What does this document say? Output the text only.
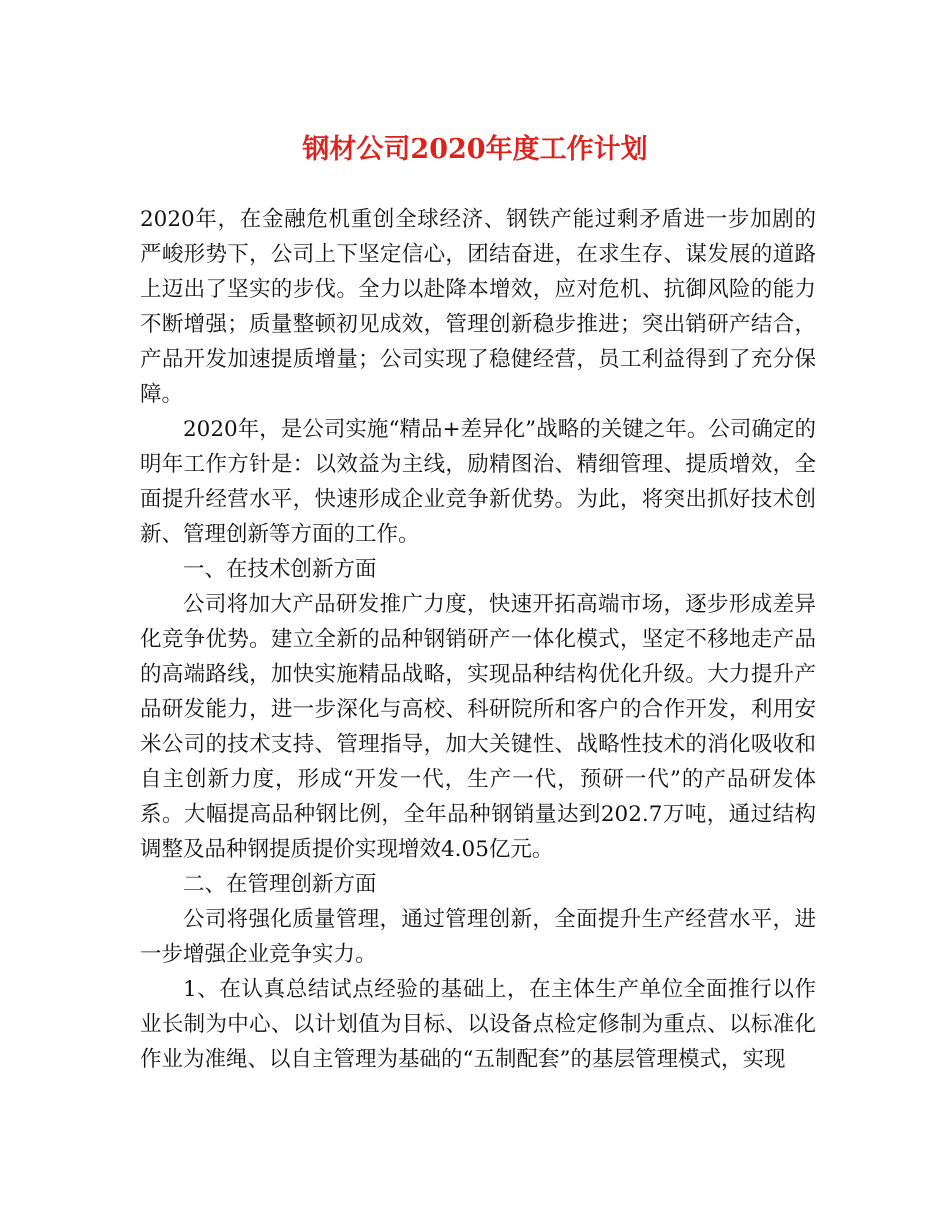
钢材公司2020年度工作计划

2020年，在金融危机重创全球经济、钢铁产能过剩矛盾进一步加剧的严峻形势下，公司上下坚定信心，团结奋进，在求生存、谋发展的道路上迈出了坚实的步伐。全力以赴降本增效，应对危机、抗御风险的能力不断增强；质量整顿初见成效，管理创新稳步推进；突出销研产结合，产品开发加速提质增量；公司实现了稳健经营，员工利益得到了充分保障。

2020年，是公司实施“精品+差异化”战略的关键之年。公司确定的明年工作方针是：以效益为主线，励精图治、精细管理、提质增效，全面提升经营水平，快速形成企业竞争新优势。为此，将突出抓好技术创新、管理创新等方面的工作。

一、在技术创新方面

公司将加大产品研发推广力度，快速开拓高端市场，逐步形成差异化竞争优势。建立全新的品种钢销研产一体化模式，坚定不移地走产品的高端路线，加快实施精品战略，实现品种结构优化升级。大力提升产品研发能力，进一步深化与高校、科研院所和客户的合作开发，利用安米公司的技术支持、管理指导，加大关键性、战略性技术的消化吸收和自主创新力度，形成“开发一代，生产一代，预研一代”的产品研发体系。大幅提高品种钢比例，全年品种钢销量达到202.7万吨，通过结构调整及品种钢提质提价实现增效4.05亿元。

二、在管理创新方面

公司将强化质量管理，通过管理创新，全面提升生产经营水平，进一步增强企业竞争实力。

1、在认真总结试点经验的基础上，在主体生产单位全面推行以作业长制为中心、以计划值为目标、以设备点检定修制为重点、以标准化作业为准绳、以自主管理为基础的“五制配套”的基层管理模式，实现
